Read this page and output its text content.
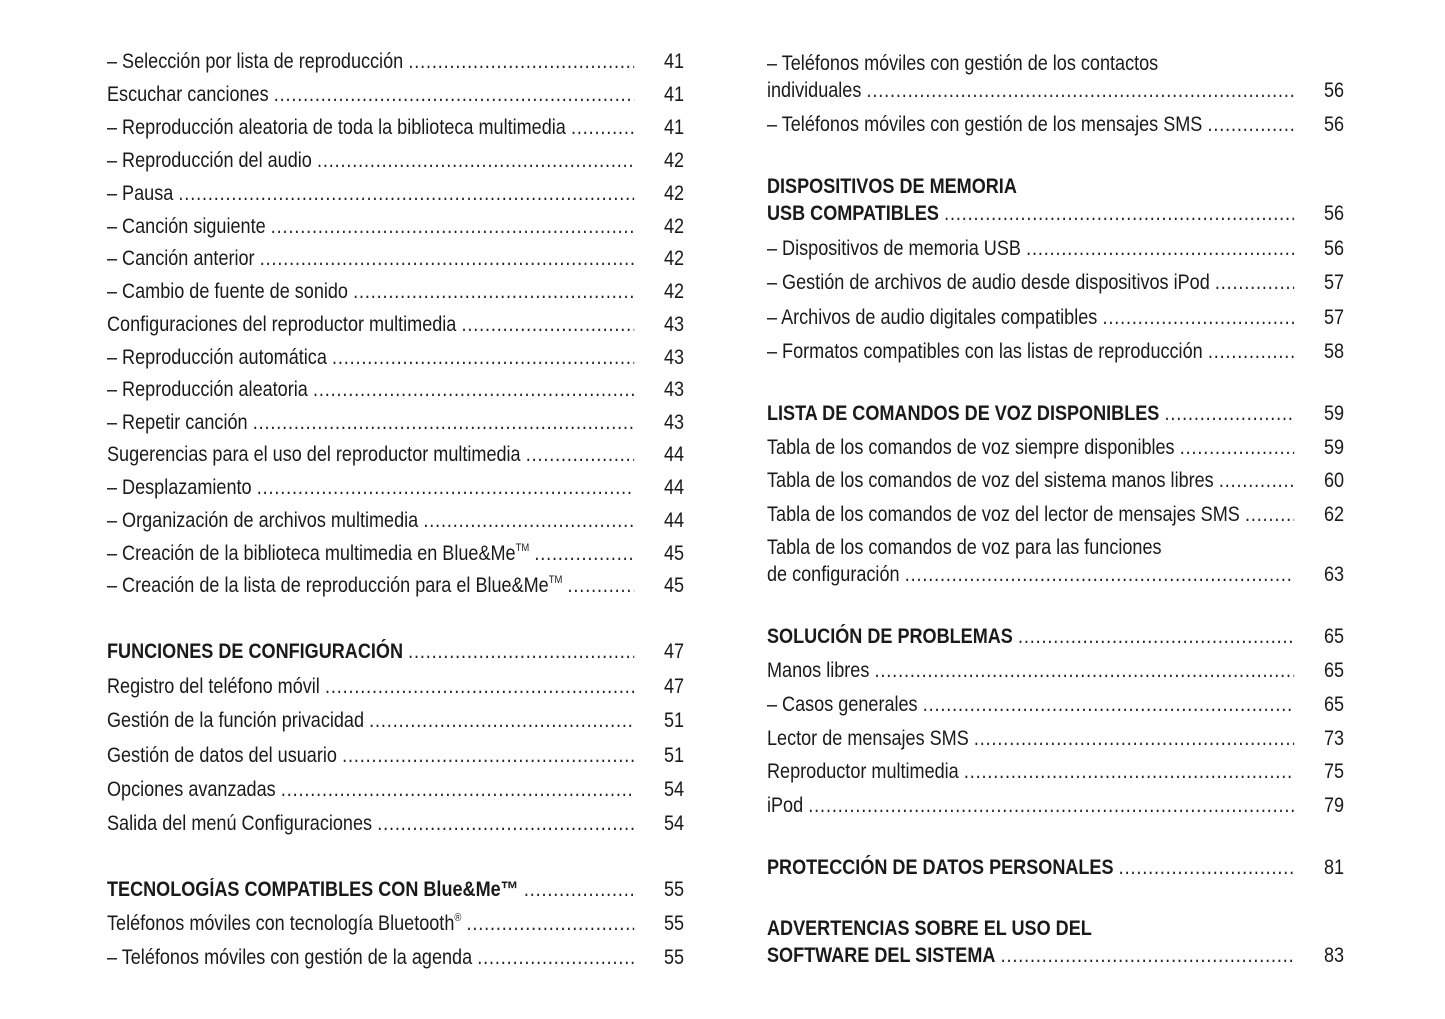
– Selección por lista de reproducción .....	41
Escuchar canciones .....	41
– Reproducción aleatoria de toda la biblioteca multimedia .....	41
– Reproducción del audio .....	42
– Pausa .....	42
– Canción siguiente .....	42
– Canción anterior .....	42
– Cambio de fuente de sonido .....	42
Configuraciones del reproductor multimedia .....	43
– Reproducción automática .....	43
– Reproducción aleatoria .....	43
– Repetir canción .....	43
Sugerencias para el uso del reproductor multimedia .....	44
– Desplazamiento .....	44
– Organización de archivos multimedia .....	44
– Creación de la biblioteca multimedia en Blue&Me™ .....	45
– Creación de la lista de reproducción para el Blue&Me™ .....	45
FUNCIONES DE CONFIGURACIÓN .....	47
Registro del teléfono móvil .....	47
Gestión de la función privacidad .....	51
Gestión de datos del usuario .....	51
Opciones avanzadas .....	54
Salida del menú Configuraciones .....	54
TECNOLOGÍAS COMPATIBLES CON Blue&Me™ .....	55
Teléfonos móviles con tecnología Bluetooth® .....	55
– Teléfonos móviles con gestión de la agenda .....	55
– Teléfonos móviles con gestión de los contactos
individuales .....	56
– Teléfonos móviles con gestión de los mensajes SMS .....	56
DISPOSITIVOS DE MEMORIA
USB COMPATIBLES .....	56
– Dispositivos de memoria USB .....	56
– Gestión de archivos de audio desde dispositivos iPod .....	57
– Archivos de audio digitales compatibles .....	57
– Formatos compatibles con las listas de reproducción .....	58
LISTA DE COMANDOS DE VOZ DISPONIBLES .....	59
Tabla de los comandos de voz siempre disponibles .....	59
Tabla de los comandos de voz del sistema manos libres .....	60
Tabla de los comandos de voz del lector de mensajes SMS .....	62
Tabla de los comandos de voz para las funciones
de configuración .....	63
SOLUCIÓN DE PROBLEMAS .....	65
Manos libres .....	65
– Casos generales .....	65
Lector de mensajes SMS .....	73
Reproductor multimedia .....	75
iPod .....	79
PROTECCIÓN DE DATOS PERSONALES .....	81
ADVERTENCIAS SOBRE EL USO DEL
SOFTWARE DEL SISTEMA .....	83
